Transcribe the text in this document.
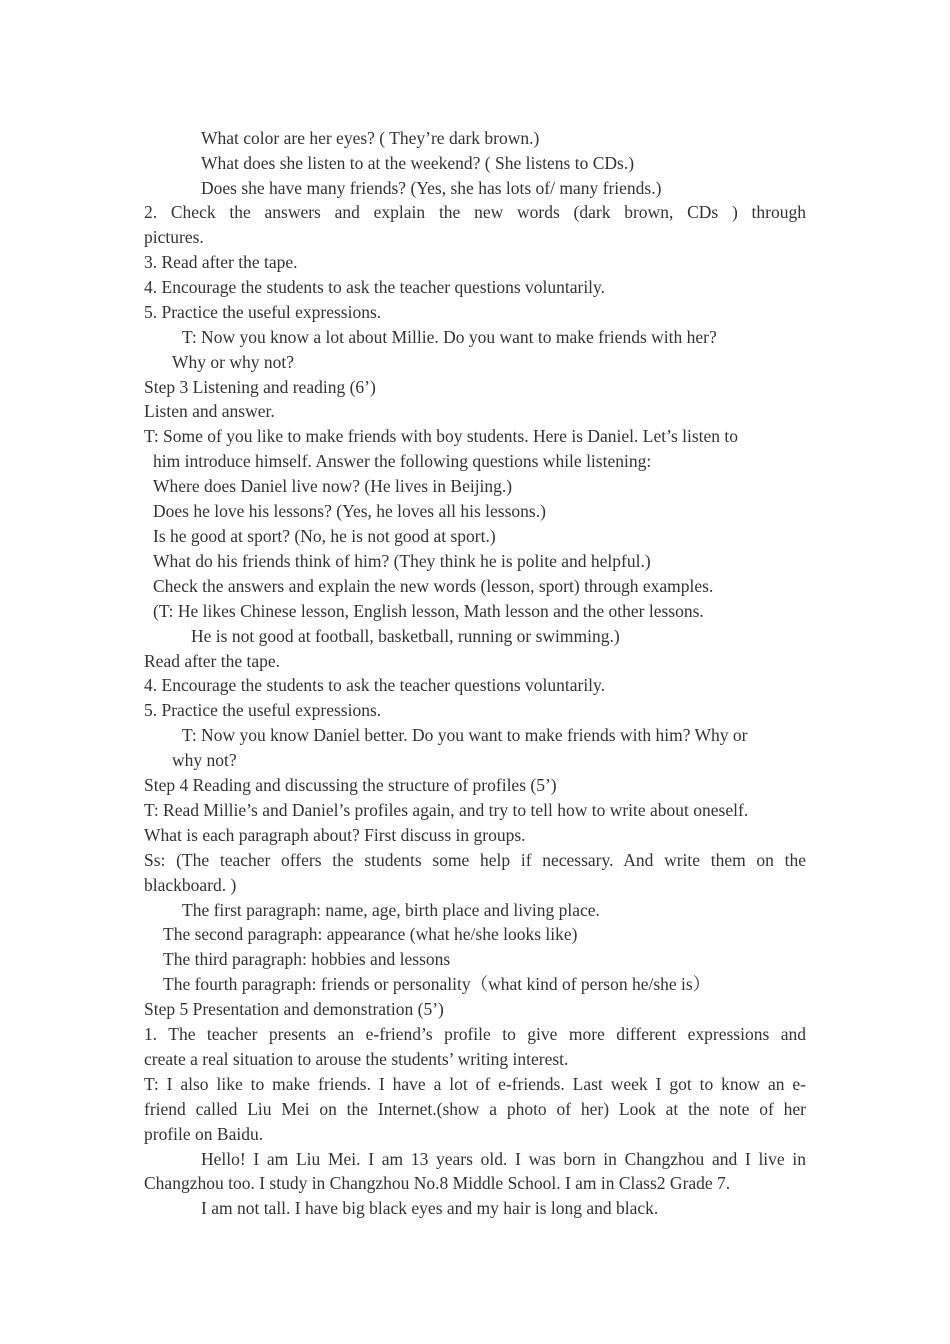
What color are her eyes? ( They’re dark brown.)
What does she listen to at the weekend? ( She listens to CDs.)
Does she have many friends? (Yes, she has lots of/ many friends.)
2. Check the answers and explain the new words (dark brown, CDs ) through
pictures.
3. Read after the tape.
4. Encourage the students to ask the teacher questions voluntarily.
5. Practice the useful expressions.
T: Now you know a lot about Millie. Do you want to make friends with her?
Why or why not?
Step 3 Listening and reading (6’)
Listen and answer.
T: Some of you like to make friends with boy students. Here is Daniel. Let’s listen to
him introduce himself. Answer the following questions while listening:
Where does Daniel live now? (He lives in Beijing.)
Does he love his lessons? (Yes, he loves all his lessons.)
Is he good at sport? (No, he is not good at sport.)
What do his friends think of him? (They think he is polite and helpful.)
Check the answers and explain the new words (lesson, sport) through examples.
(T: He likes Chinese lesson, English lesson, Math lesson and the other lessons.
He is not good at football, basketball, running or swimming.)
Read after the tape.
4. Encourage the students to ask the teacher questions voluntarily.
5. Practice the useful expressions.
T: Now you know Daniel better. Do you want to make friends with him? Why or
why not?
Step 4 Reading and discussing the structure of profiles (5’)
T: Read Millie’s and Daniel’s profiles again, and try to tell how to write about oneself.
What is each paragraph about? First discuss in groups.
Ss: (The teacher offers the students some help if necessary. And write them on the
blackboard. )
The first paragraph: name, age, birth place and living place.
The second paragraph: appearance (what he/she looks like)
The third paragraph: hobbies and lessons
The fourth paragraph: friends or personality（what kind of person he/she is）
Step 5 Presentation and demonstration (5’)
1. The teacher presents an e-friend’s profile to give more different expressions and
create a real situation to arouse the students’ writing interest.
T: I also like to make friends. I have a lot of e-friends. Last week I got to know an e-
friend called Liu Mei on the Internet.(show a photo of her) Look at the note of her
profile on Baidu.
Hello! I am Liu Mei. I am 13 years old. I was born in Changzhou and I live in
Changzhou too. I study in Changzhou No.8 Middle School. I am in Class2 Grade 7.
I am not tall. I have big black eyes and my hair is long and black.
